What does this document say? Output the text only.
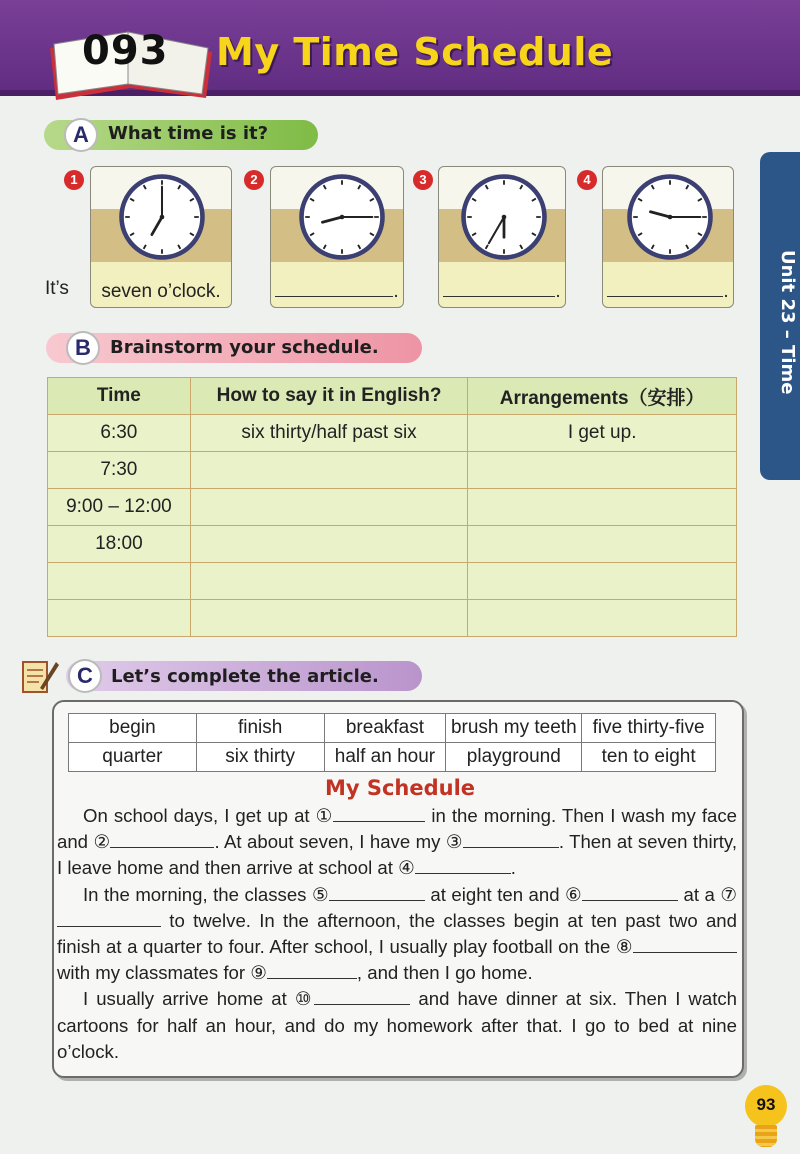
093 My Time Schedule
Unit 23 – Time
A	What time is it?
1	2	3	4
seven o’clock.	.	.	.
It’s
B	Brainstorm your schedule.
Time	How to say it in English?	Arrangements（安排）
6:30	six thirty/half past six	I get up.
7:30		
9:00 – 12:00		
18:00		

C	Let’s complete the article.
begin	finish	breakfast	brush my teeth	five thirty-five
quarter	six thirty	half an hour	playground	ten to eight
My Schedule

On school days, I get up at ①	in the morning. Then I wash my face and ②	. At about seven, I have my ③	. Then at seven thirty, I leave home and then arrive at school at ④	.

In the morning, the classes ⑤	at eight ten and ⑥	at a ⑦ to twelve. In the afternoon, the classes begin at ten past two and finish at a quarter to four. After school, I usually play football on the ⑧ with my classmates for ⑨	, and then I go home.

I usually arrive home at ⑩	and have dinner at six. Then I watch cartoons for half an hour, and do my homework after that. I go to bed at nine o’clock.

93
